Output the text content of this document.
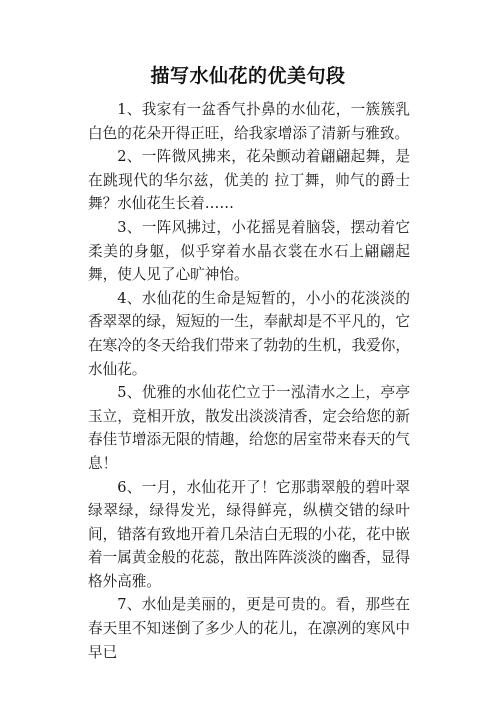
描写水仙花的优美句段

1、我家有一盆香气扑鼻的水仙花，一簇簇乳白色的花朵开得正旺，给我家增添了清新与雅致。

2、一阵微风拂来，花朵颤动着翩翩起舞，是在跳现代的华尔兹，优美的 拉丁舞，帅气的爵士舞？水仙花生长着……

3、一阵风拂过，小花摇晃着脑袋，摆动着它柔美的身躯，似乎穿着水晶衣裳在水石上翩翩起舞，使人见了心旷神怡。

4、水仙花的生命是短暂的，小小的花淡淡的香翠翠的绿，短短的一生，奉献却是不平凡的，它在寒冷的冬天给我们带来了勃勃的生机，我爱你，水仙花。

5、优雅的水仙花伫立于一泓清水之上，亭亭玉立，竞相开放，散发出淡淡清香，定会给您的新春佳节增添无限的情趣，给您的居室带来春天的气息！

6、一月，水仙花开了！它那翡翠般的碧叶翠绿翠绿，绿得发光，绿得鲜亮，纵横交错的绿叶间，错落有致地开着几朵洁白无瑕的小花，花中嵌着一属黄金般的花蕊，散出阵阵淡淡的幽香，显得格外高雅。

7、水仙是美丽的，更是可贵的。看，那些在春天里不知迷倒了多少人的花儿，在凛冽的寒风中早已
